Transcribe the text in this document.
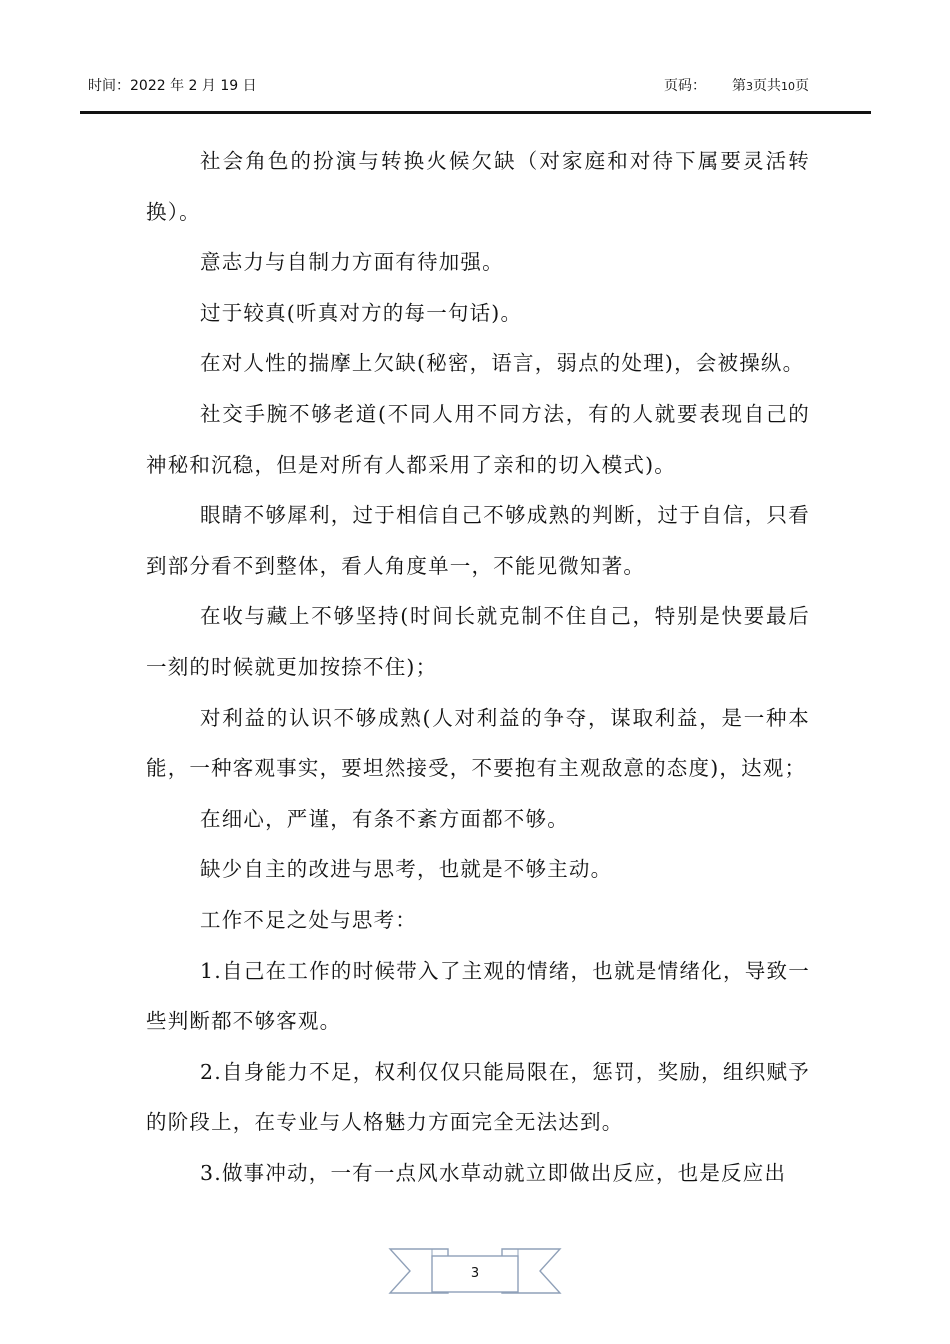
时间：2022 年 2 月 19 日	页码： 第3页共10页

社会角色的扮演与转换火候欠缺（对家庭和对待下属要灵活转换）。

意志力与自制力方面有待加强。

过于较真(听真对方的每一句话)。

在对人性的揣摩上欠缺(秘密，语言，弱点的处理)，会被操纵。

社交手腕不够老道(不同人用不同方法，有的人就要表现自己的神秘和沉稳，但是对所有人都采用了亲和的切入模式)。

眼睛不够犀利，过于相信自己不够成熟的判断，过于自信，只看到部分看不到整体，看人角度单一，不能见微知著。

在收与藏上不够坚持(时间长就克制不住自己，特别是快要最后一刻的时候就更加按捺不住)；

对利益的认识不够成熟(人对利益的争夺，谋取利益，是一种本能，一种客观事实，要坦然接受，不要抱有主观敌意的态度)，达观；

在细心，严谨，有条不紊方面都不够。

缺少自主的改进与思考，也就是不够主动。

工作不足之处与思考：

1.自己在工作的时候带入了主观的情绪，也就是情绪化，导致一些判断都不够客观。

2.自身能力不足，权利仅仅只能局限在，惩罚，奖励，组织赋予的阶段上，在专业与人格魅力方面完全无法达到。

3.做事冲动，一有一点风水草动就立即做出反应，也是反应出

3
